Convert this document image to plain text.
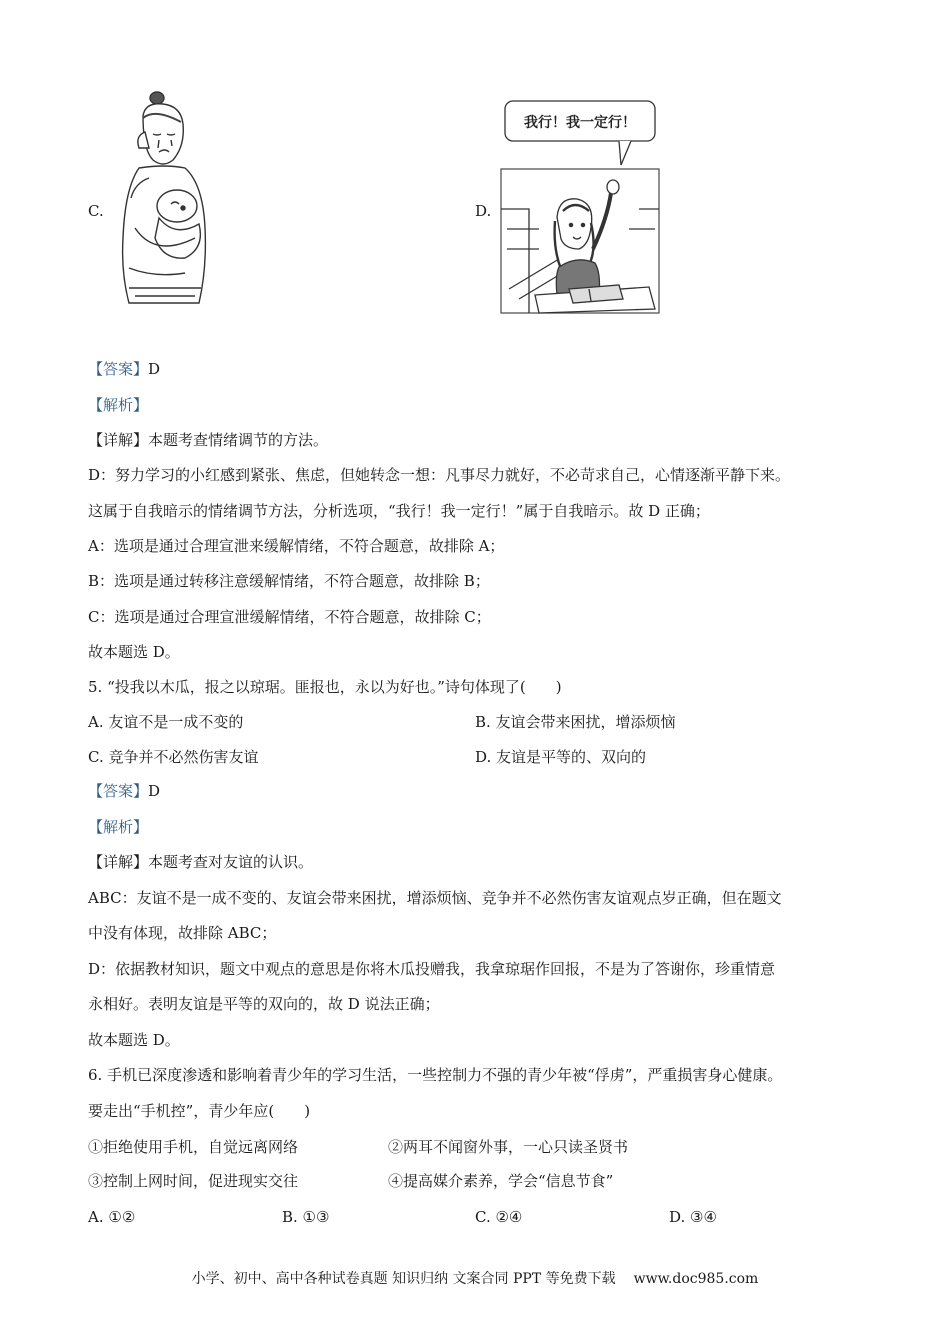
C.	D.
我行！我一定行！
【答案】D
【解析】
【详解】本题考查情绪调节的方法。
D：努力学习的小红感到紧张、焦虑，但她转念一想：凡事尽力就好，不必苛求自己，心情逐渐平静下来。
这属于自我暗示的情绪调节方法，分析选项，“我行！我一定行！”属于自我暗示。故 D 正确；
A：选项是通过合理宣泄来缓解情绪，不符合题意，故排除 A；
B：选项是通过转移注意缓解情绪，不符合题意，故排除 B；
C：选项是通过合理宣泄缓解情绪，不符合题意，故排除 C；
故本题选 D。
5. “投我以木瓜，报之以琼琚。匪报也，永以为好也。”诗句体现了(　　)
A. 友谊不是一成不变的	B. 友谊会带来困扰，增添烦恼
C. 竞争并不必然伤害友谊	D. 友谊是平等的、双向的
【答案】D
【解析】
【详解】本题考查对友谊的认识。
ABC：友谊不是一成不变的、友谊会带来困扰，增添烦恼、竞争并不必然伤害友谊观点岁正确，但在题文
中没有体现，故排除 ABC；
D：依据教材知识，题文中观点的意思是你将木瓜投赠我，我拿琼琚作回报，不是为了答谢你，珍重情意
永相好。表明友谊是平等的双向的，故 D 说法正确；
故本题选 D。
6. 手机已深度渗透和影响着青少年的学习生活，一些控制力不强的青少年被“俘虏”，严重损害身心健康。
要走出“手机控”，青少年应(　　)
①拒绝使用手机，自觉远离网络	②两耳不闻窗外事，一心只读圣贤书
③控制上网时间，促进现实交往	④提高媒介素养，学会“信息节食”
A. ①②	B. ①③	C. ②④	D. ③④
小学、初中、高中各种试卷真题 知识归纳 文案合同 PPT 等免费下载 www.doc985.com
